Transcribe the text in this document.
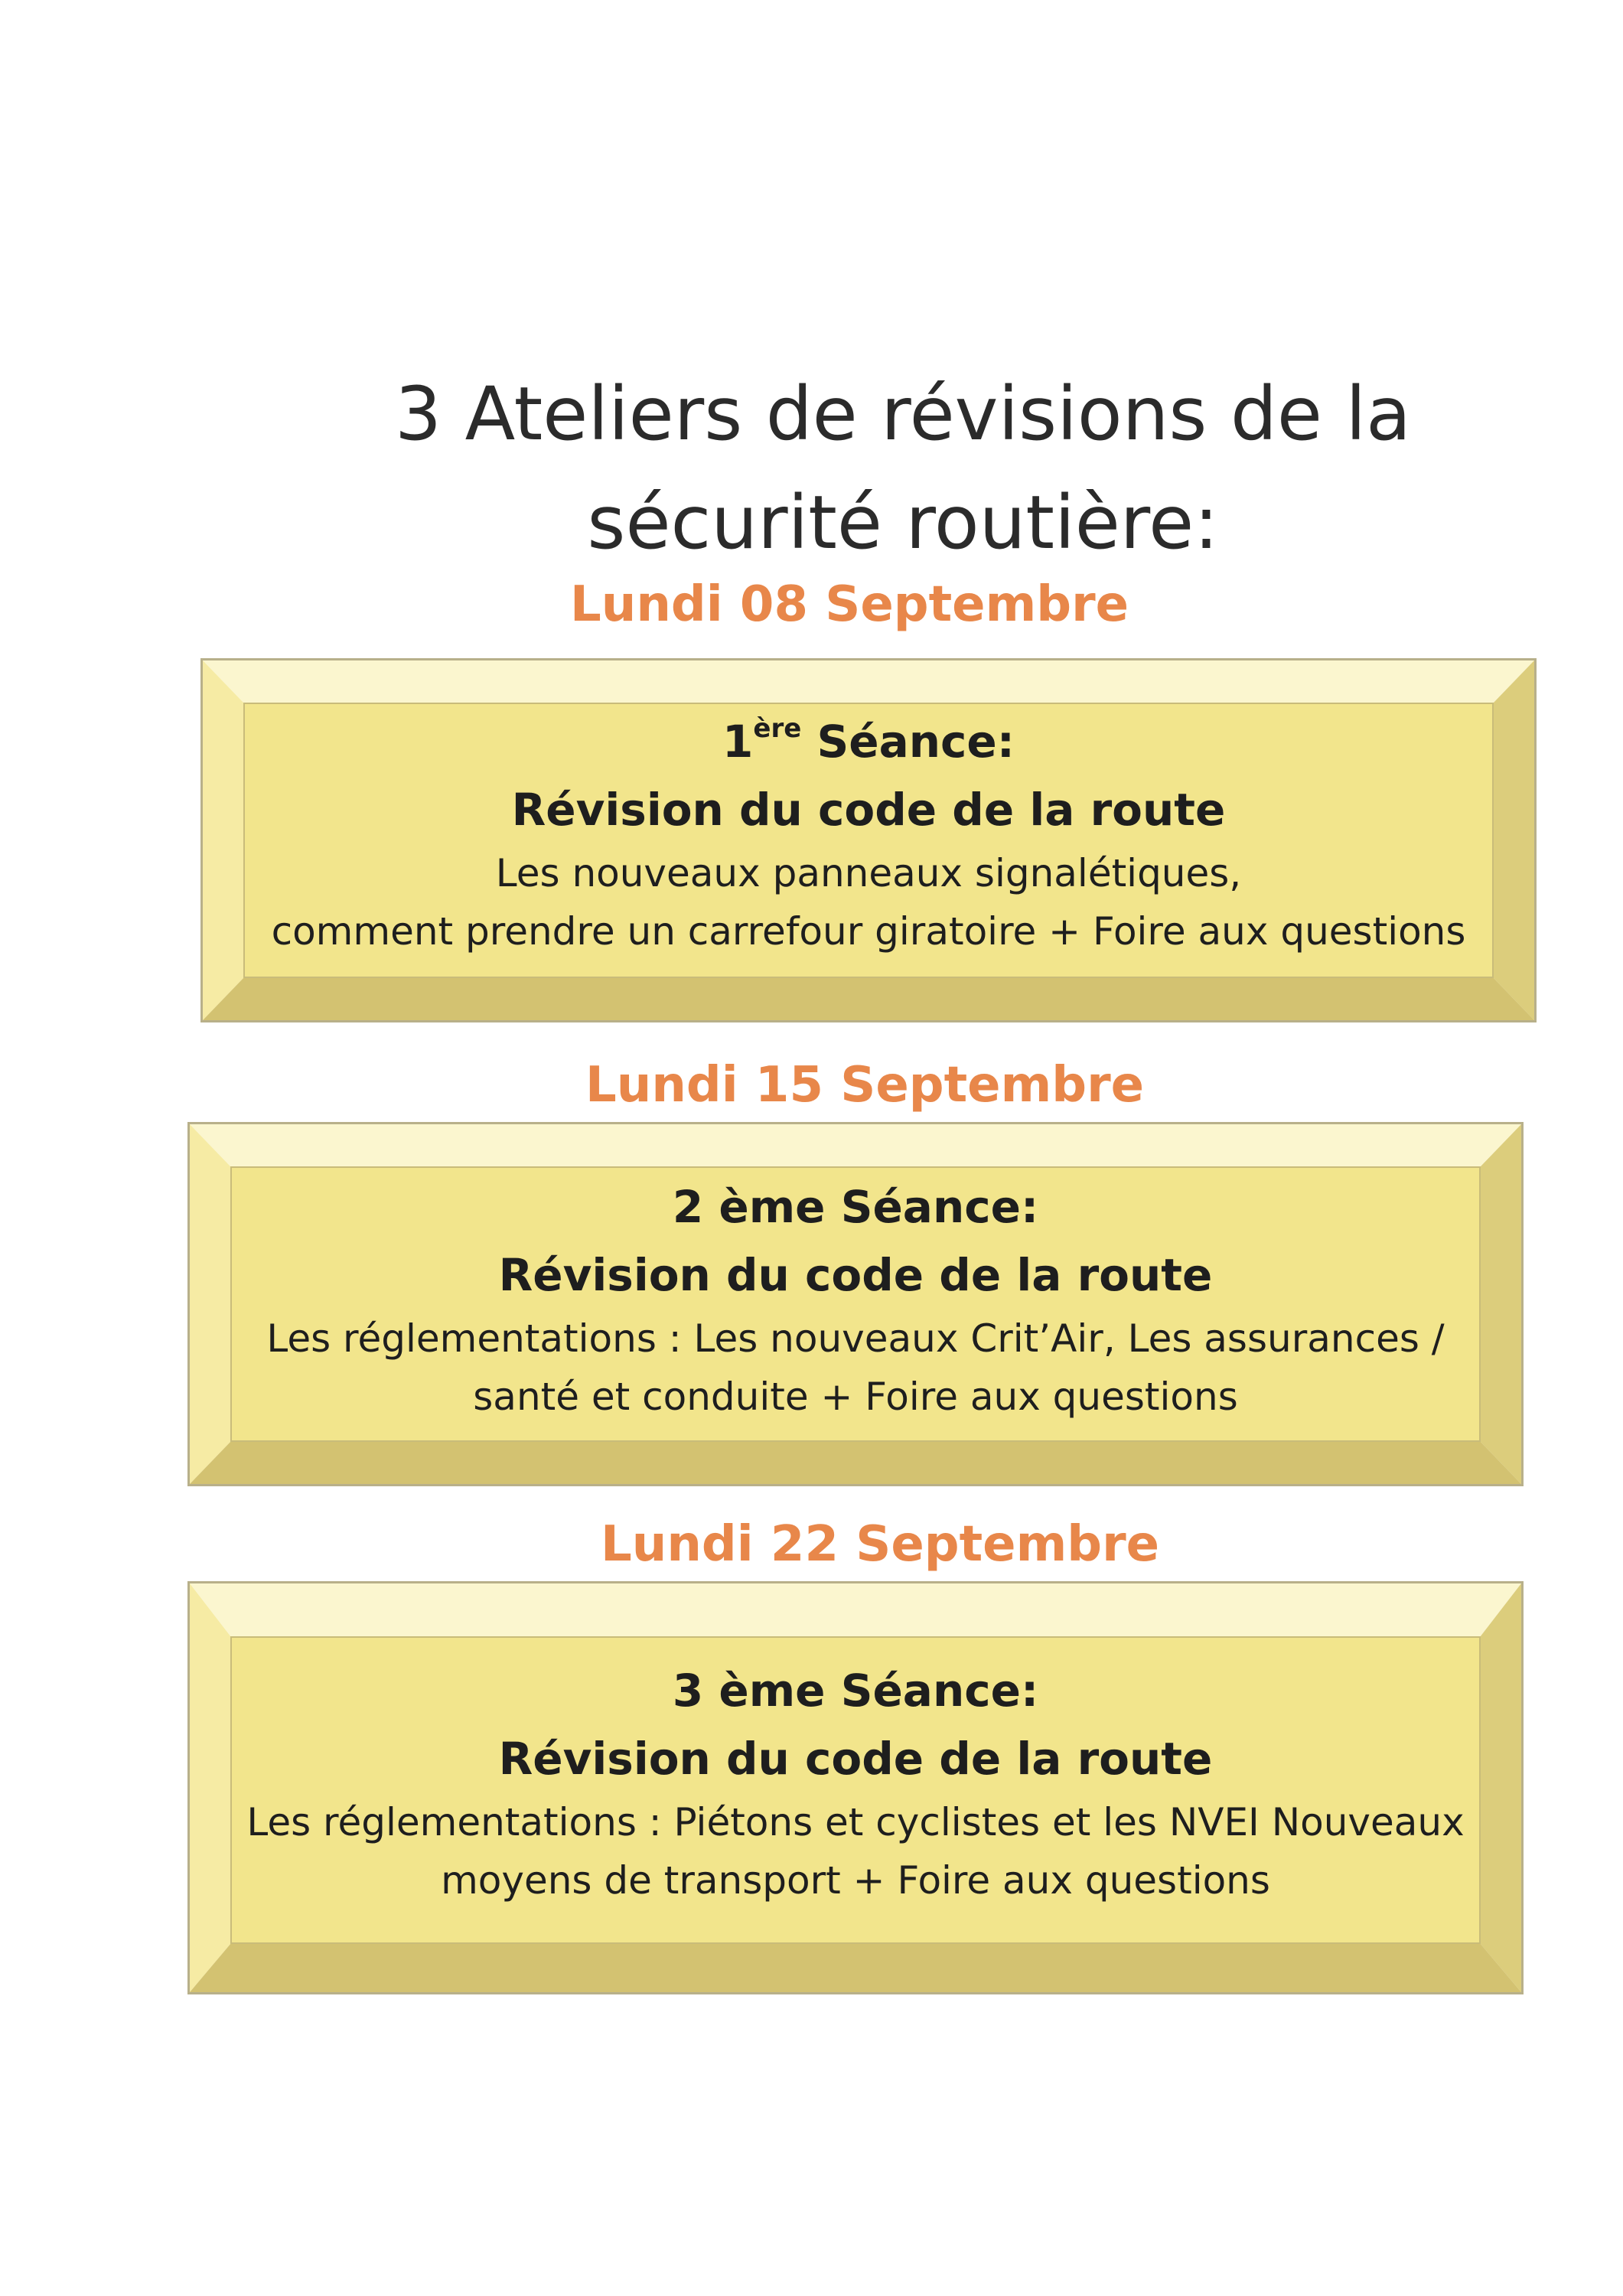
3 Ateliers de révisions de la
sécurité routière:
Lundi 08 Septembre
1ère Séance:
Révision du code de la route
Les nouveaux panneaux signalétiques,
comment prendre un carrefour giratoire + Foire aux questions
Lundi 15 Septembre
2 ème Séance:
Révision du code de la route
Les réglementations : Les nouveaux Crit’Air, Les assurances /
santé et conduite + Foire aux questions
Lundi 22 Septembre
3 ème Séance:
Révision du code de la route
Les réglementations : Piétons et cyclistes et les NVEI Nouveaux
moyens de transport + Foire aux questions
